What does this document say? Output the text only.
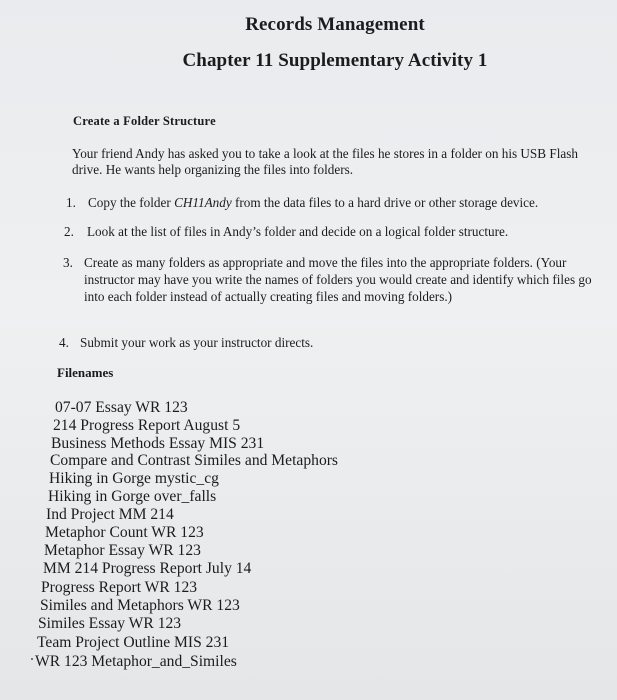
Records Management
Chapter 11 Supplementary Activity 1
Create a Folder Structure
Your friend Andy has asked you to take a look at the files he stores in a folder on his USB Flash drive. He wants help organizing the files into folders.
1. Copy the folder CH11Andy from the data files to a hard drive or other storage device.
2. Look at the list of files in Andy’s folder and decide on a logical folder structure.
3. Create as many folders as appropriate and move the files into the appropriate folders. (Your instructor may have you write the names of folders you would create and identify which files go into each folder instead of actually creating files and moving folders.)
4. Submit your work as your instructor directs.
Filenames
07-07 Essay WR 123
214 Progress Report August 5
Business Methods Essay MIS 231
Compare and Contrast Similes and Metaphors
Hiking in Gorge mystic_cg
Hiking in Gorge over_falls
Ind Project MM 214
Metaphor Count WR 123
Metaphor Essay WR 123
MM 214 Progress Report July 14
Progress Report WR 123
Similes and Metaphors WR 123
Similes Essay WR 123
Team Project Outline MIS 231
WR 123 Metaphor_and_Similes
